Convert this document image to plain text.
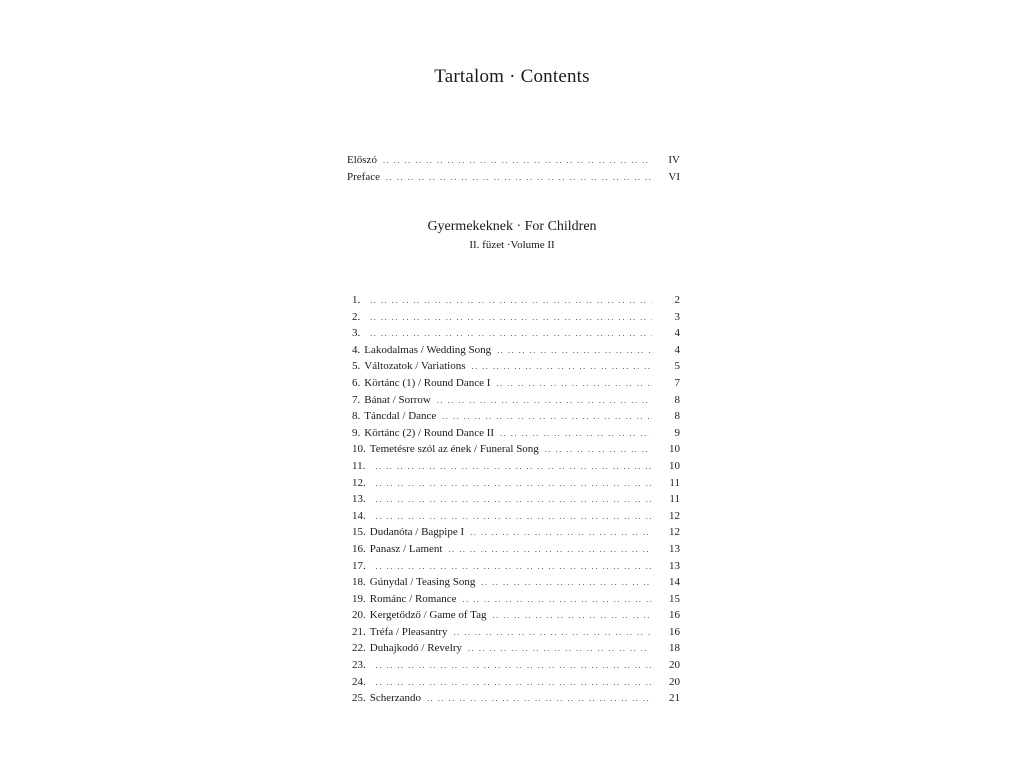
Tartalom · Contents
Előszó .. ..	IV
Preface .. ..	VI
Gyermekeknek · For Children
II. füzet ·Volume II
1. .. ..	2
2. .. ..	3
3. .. ..	4
4. Lakodalmas / Wedding Song .. ..	4
5. Változatok / Variations .. ..	5
6. Körtánc (1) / Round Dance I .. ..	7
7. Bánat / Sorrow .. ..	8
8. Táncdal / Dance .. ..	8
9. Körtánc (2) / Round Dance II .. ..	9
10. Temetésre szól az ének / Funeral Song .. ..	10
11. .. ..	10
12. .. ..	11
13. .. ..	11
14. .. ..	12
15. Dudanóta / Bagpipe I .. ..	12
16. Panasz / Lament .. ..	13
17. .. ..	13
18. Gúnydal / Teasing Song .. ..	14
19. Románc / Romance .. ..	15
20. Kergetődző / Game of Tag .. ..	16
21. Tréfa / Pleasantry .. ..	16
22. Duhajkodó / Revelry .. ..	18
23. .. ..	20
24. .. ..	20
25. Scherzando .. ..	21
